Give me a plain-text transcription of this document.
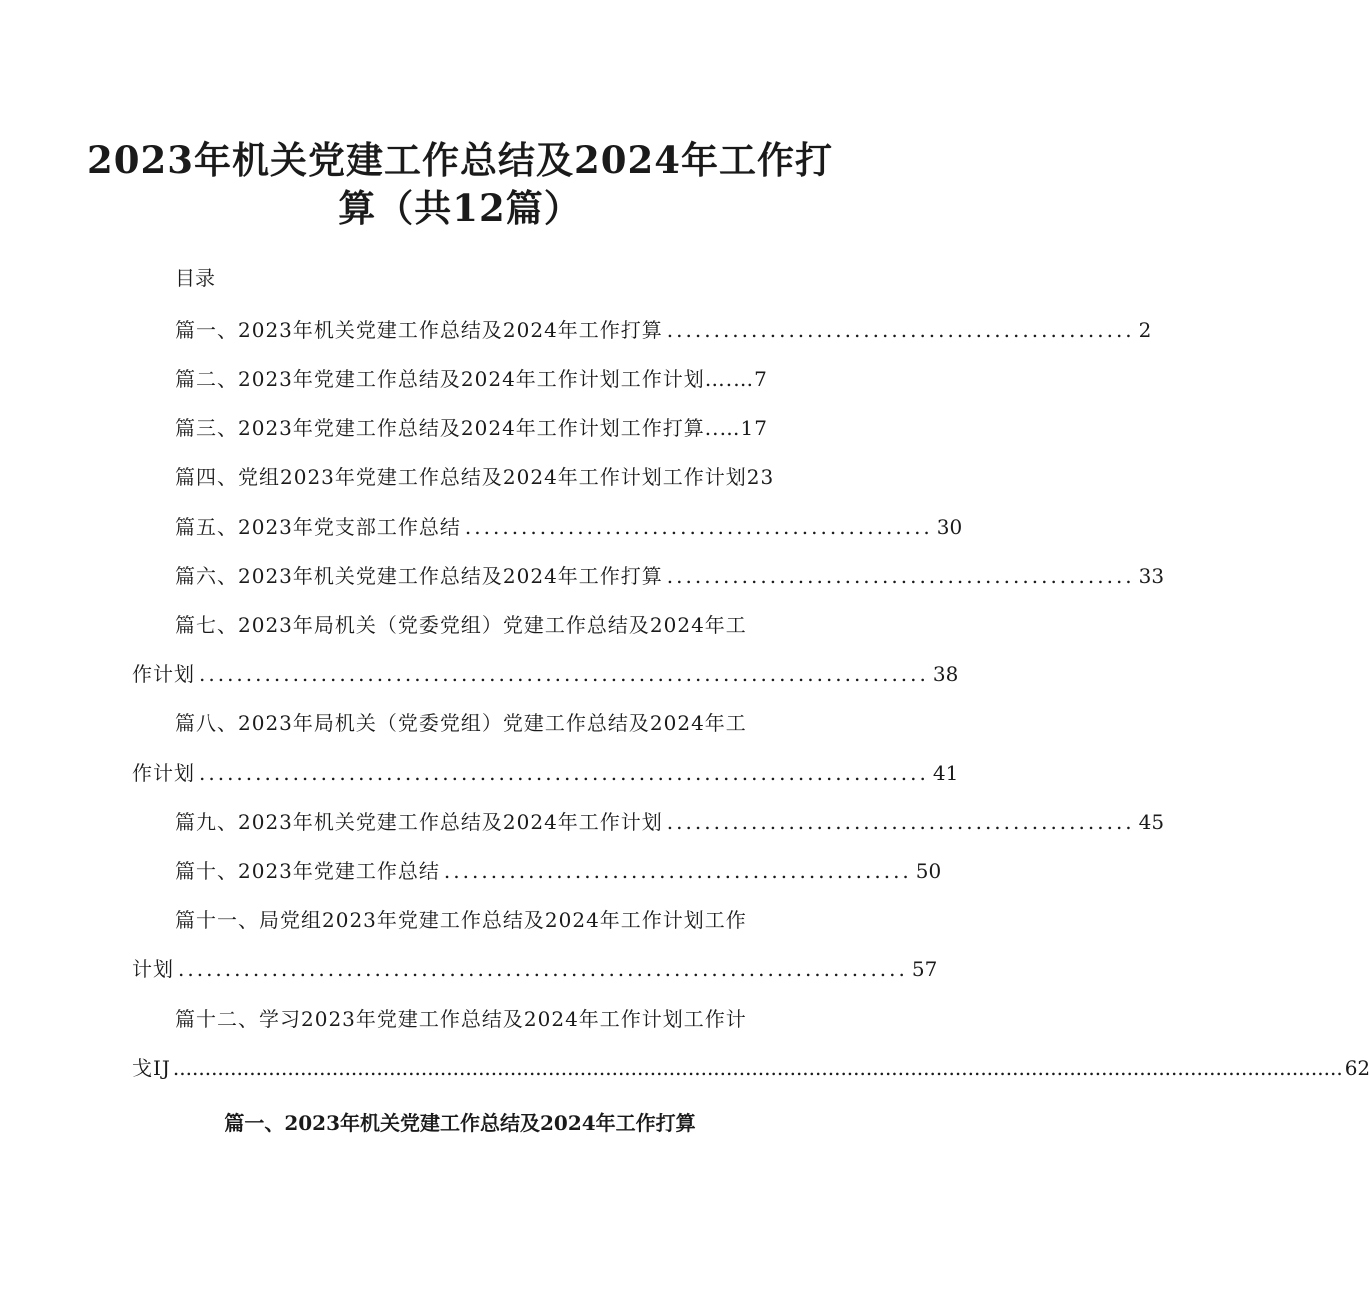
2023年机关党建工作总结及2024年工作打
算（共12篇）
目录
篇一、2023年机关党建工作总结及2024年工作打算 .................................................. 2
篇二、2023年党建工作总结及2024年工作计划工作计划….…7
篇三、2023年党建工作总结及2024年工作计划工作打算..…17
篇四、党组2023年党建工作总结及2024年工作计划工作计划23
篇五、2023年党支部工作总结 .................................................. 30
篇六、2023年机关党建工作总结及2024年工作打算 .................................................. 33
篇七、2023年局机关（党委党组）党建工作总结及2024年工
作计划 .............................................................................. 38
篇八、2023年局机关（党委党组）党建工作总结及2024年工
作计划 .............................................................................. 41
篇九、2023年机关党建工作总结及2024年工作计划 .................................................. 45
篇十、2023年党建工作总结 .................................................. 50
篇十一、局党组2023年党建工作总结及2024年工作计划工作
计划 .............................................................................. 57
篇十二、学习2023年党建工作总结及2024年工作计划工作计
戈IJ ........................................................................................................................................................................................ 62
篇一、2023年机关党建工作总结及2024年工作打算
